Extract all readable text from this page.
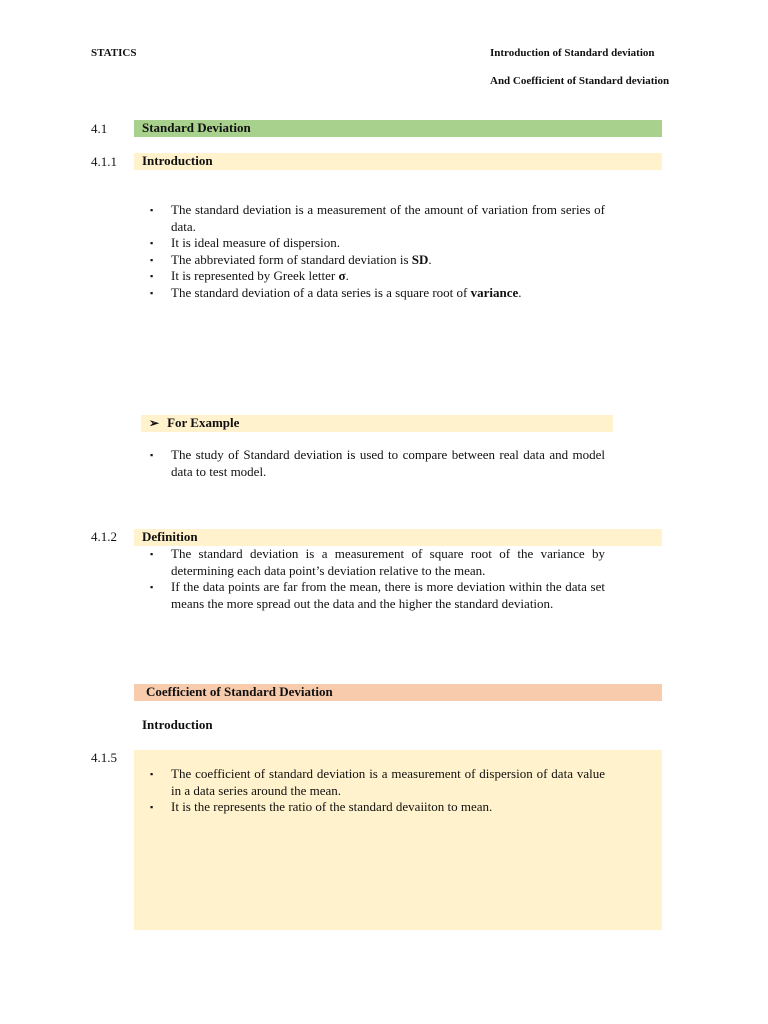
STATICS	Introduction of Standard deviation
And Coefficient of Standard deviation
4.1	Standard Deviation
4.1.1	Introduction
▪ The standard deviation is a measurement of the amount of variation from series of data.
▪ It is ideal measure of dispersion.
▪ The abbreviated form of standard deviation is SD.
▪ It is represented by Greek letter σ.
▪ The standard deviation of a data series is a square root of variance.
➢ For Example
▪ The study of Standard deviation is used to compare between real data and model data to test model.
4.1.2	Definition
▪ The standard deviation is a measurement of square root of the variance by determining each data point’s deviation relative to the mean.
▪ If the data points are far from the mean, there is more deviation within the data set means the more spread out the data and the higher the standard deviation.
Coefficient of Standard Deviation
Introduction
4.1.5
▪ The coefficient of standard deviation is a measurement of dispersion of data value in a data series around the mean.
▪ It is the represents the ratio of the standard devaiiton to mean.
